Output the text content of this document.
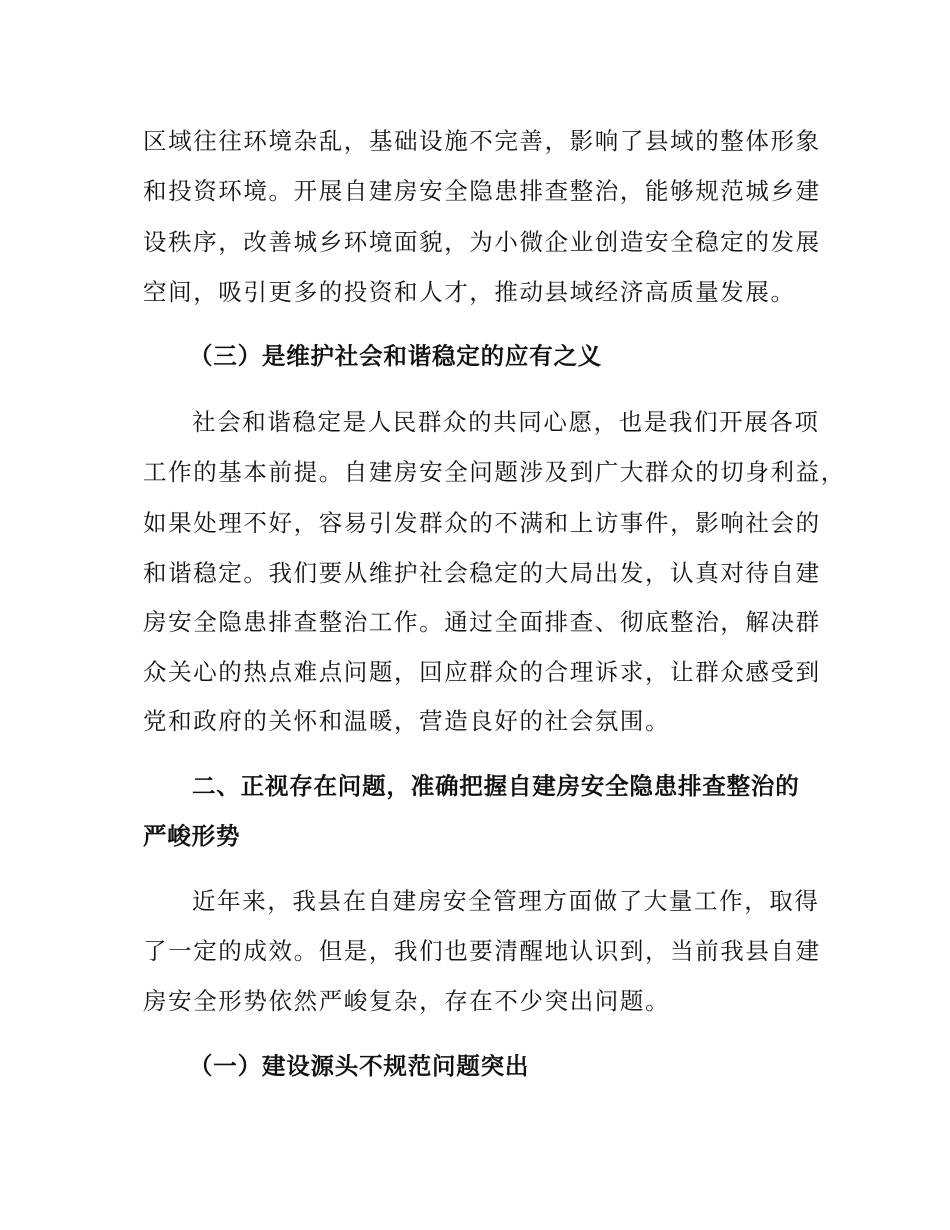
区域往往环境杂乱，基础设施不完善，影响了县域的整体形象
和投资环境。开展自建房安全隐患排查整治，能够规范城乡建
设秩序，改善城乡环境面貌，为小微企业创造安全稳定的发展
空间，吸引更多的投资和人才，推动县域经济高质量发展。
（三）是维护社会和谐稳定的应有之义
社会和谐稳定是人民群众的共同心愿，也是我们开展各项
工作的基本前提。自建房安全问题涉及到广大群众的切身利益，
如果处理不好，容易引发群众的不满和上访事件，影响社会的
和谐稳定。我们要从维护社会稳定的大局出发，认真对待自建
房安全隐患排查整治工作。通过全面排查、彻底整治，解决群
众关心的热点难点问题，回应群众的合理诉求，让群众感受到
党和政府的关怀和温暖，营造良好的社会氛围。
二、正视存在问题，准确把握自建房安全隐患排查整治的
严峻形势
近年来，我县在自建房安全管理方面做了大量工作，取得
了一定的成效。但是，我们也要清醒地认识到，当前我县自建
房安全形势依然严峻复杂，存在不少突出问题。
（一）建设源头不规范问题突出
